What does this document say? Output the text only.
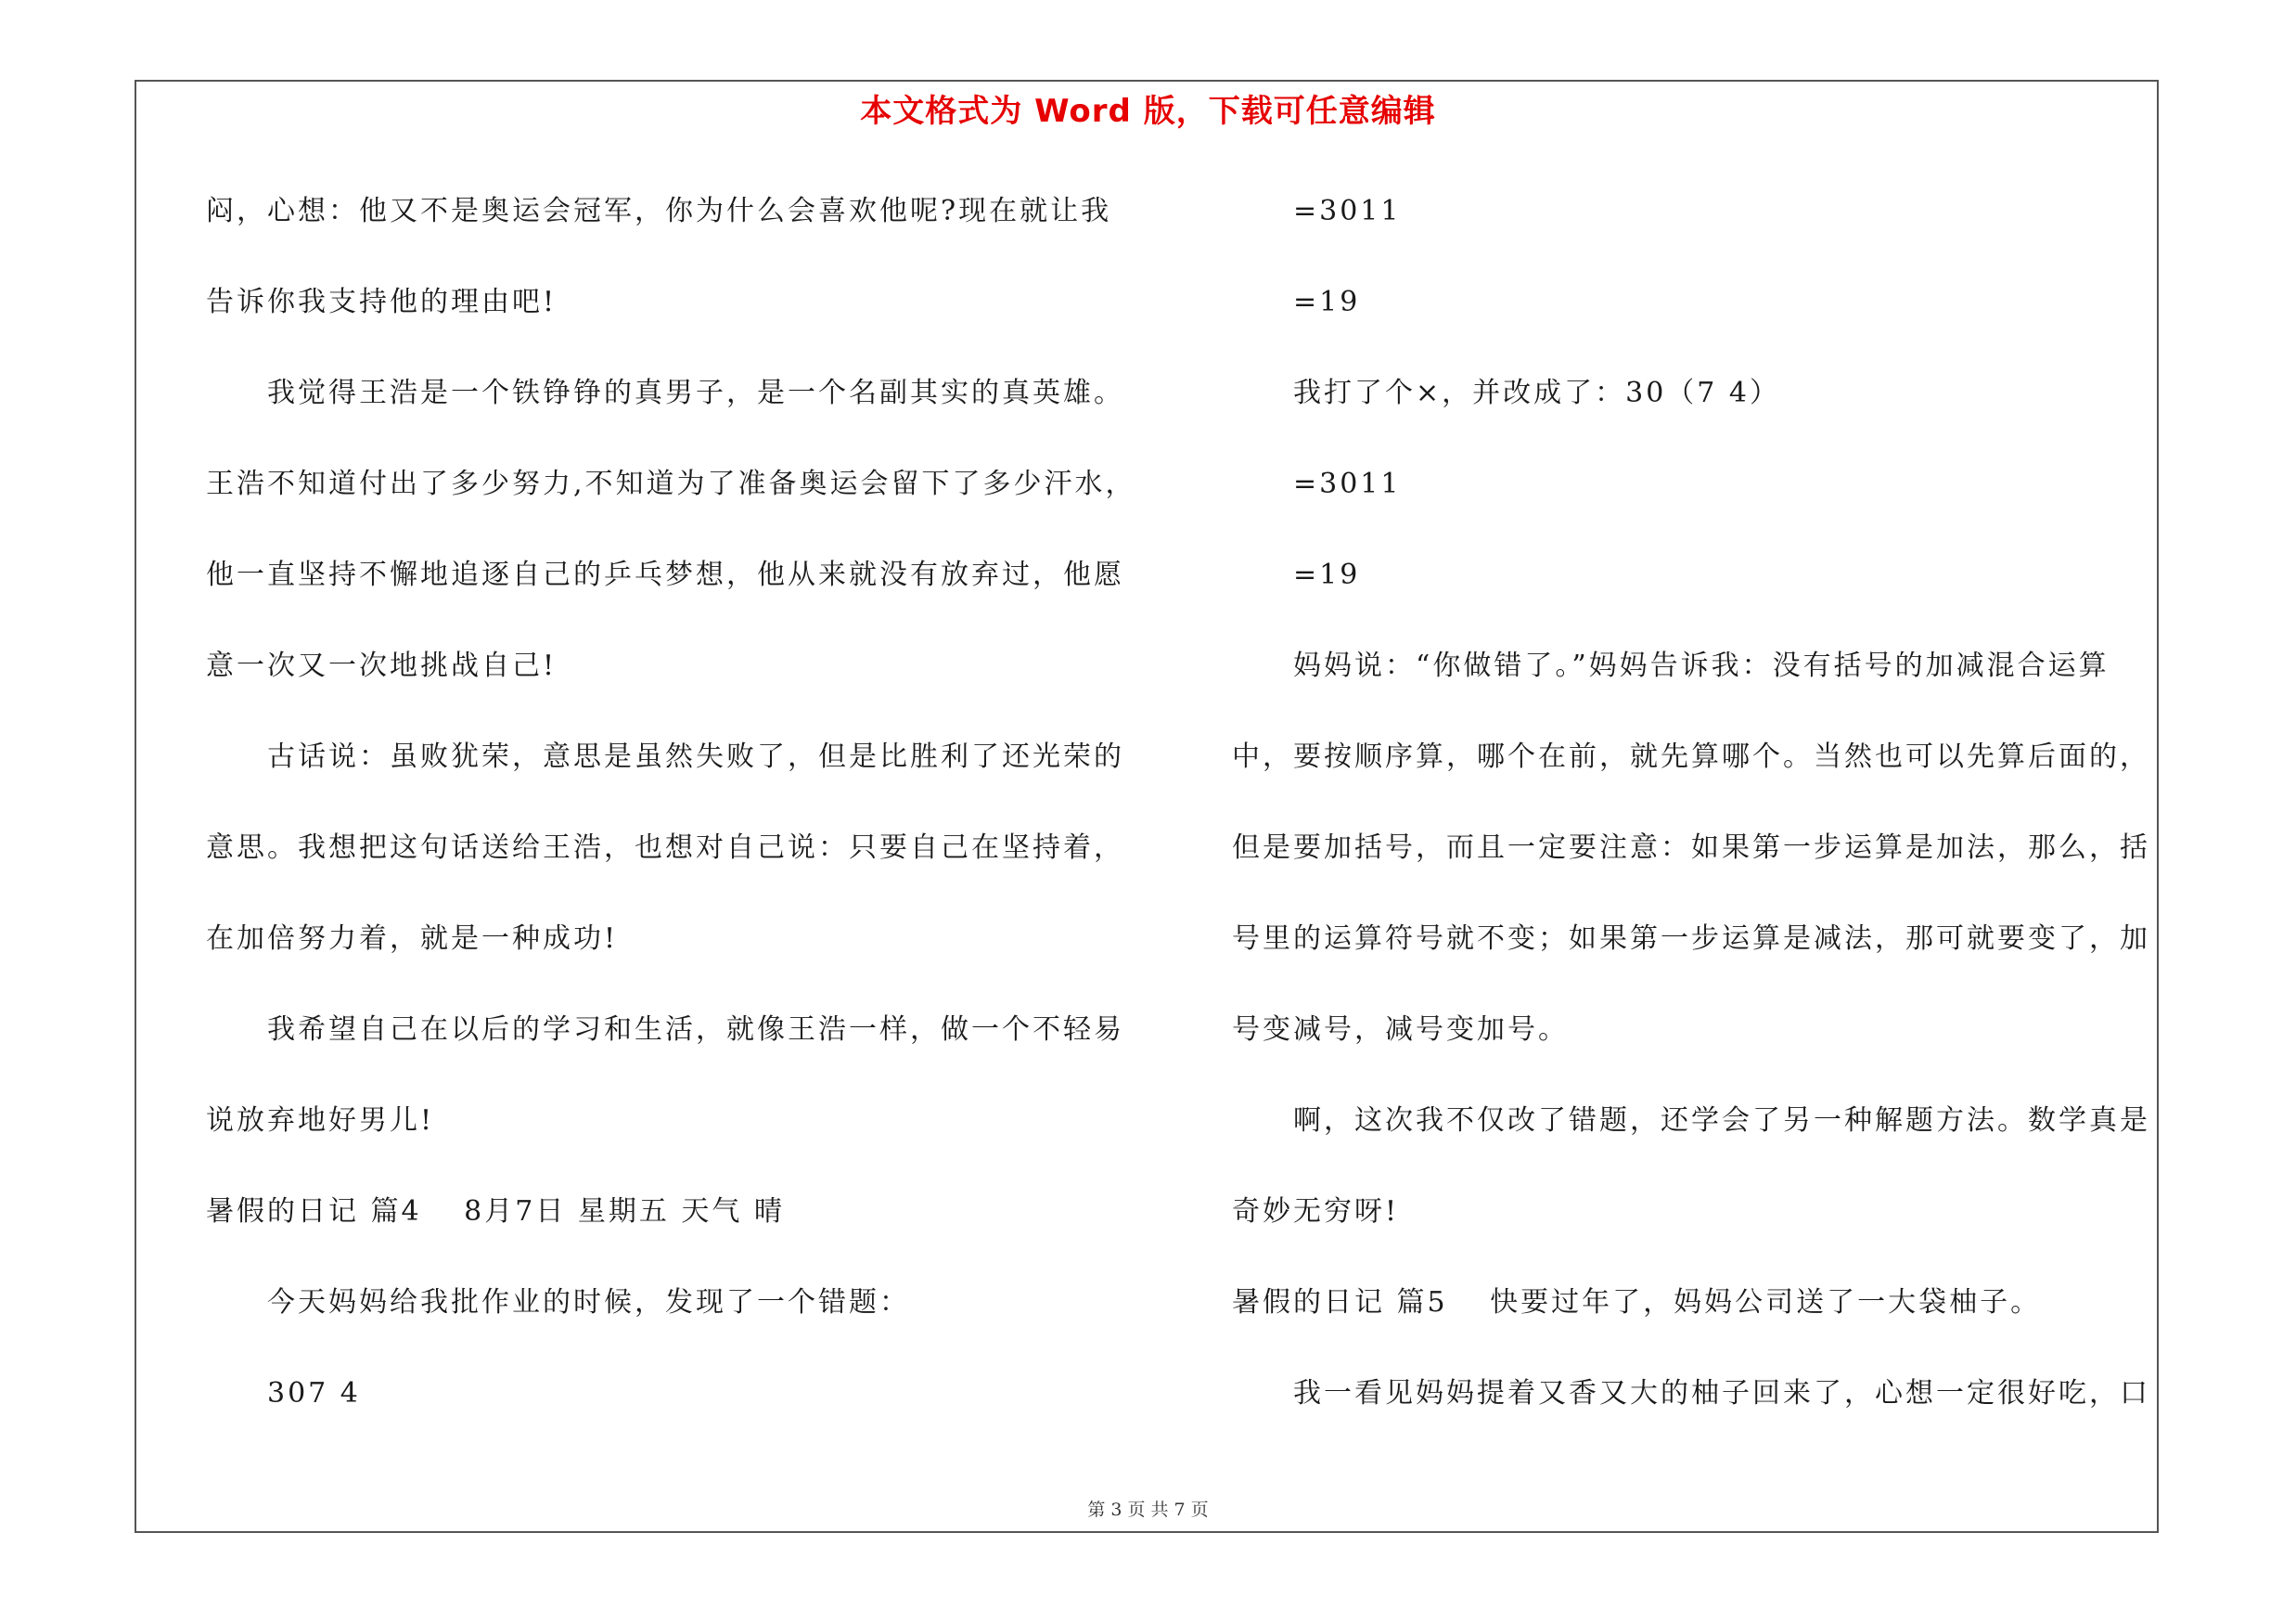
本文格式为 Word 版，下载可任意编辑
闷，心想：他又不是奥运会冠军，你为什么会喜欢他呢?现在就让我
告诉你我支持他的理由吧!
我觉得王浩是一个铁铮铮的真男子，是一个名副其实的真英雄。
王浩不知道付出了多少努力,不知道为了准备奥运会留下了多少汗水，
他一直坚持不懈地追逐自己的乒乓梦想，他从来就没有放弃过，他愿
意一次又一次地挑战自己!
古话说：虽败犹荣，意思是虽然失败了，但是比胜利了还光荣的
意思。我想把这句话送给王浩，也想对自己说：只要自己在坚持着，
在加倍努力着，就是一种成功!
我希望自己在以后的学习和生活，就像王浩一样，做一个不轻易
说放弃地好男儿!
暑假的日记 篇4　 8月7日 星期五 天气 晴
今天妈妈给我批作业的时候，发现了一个错题：
307 4
=3011
=19
我打了个×，并改成了：30（7 4）
=3011
=19
妈妈说：“你做错了。”妈妈告诉我：没有括号的加减混合运算
中，要按顺序算，哪个在前，就先算哪个。当然也可以先算后面的，
但是要加括号，而且一定要注意：如果第一步运算是加法，那么，括
号里的运算符号就不变；如果第一步运算是减法，那可就要变了，加
号变减号，减号变加号。
啊，这次我不仅改了错题，还学会了另一种解题方法。数学真是
奇妙无穷呀!
暑假的日记 篇5　 快要过年了，妈妈公司送了一大袋柚子。
我一看见妈妈提着又香又大的柚子回来了，心想一定很好吃，口
第 3 页 共 7 页
